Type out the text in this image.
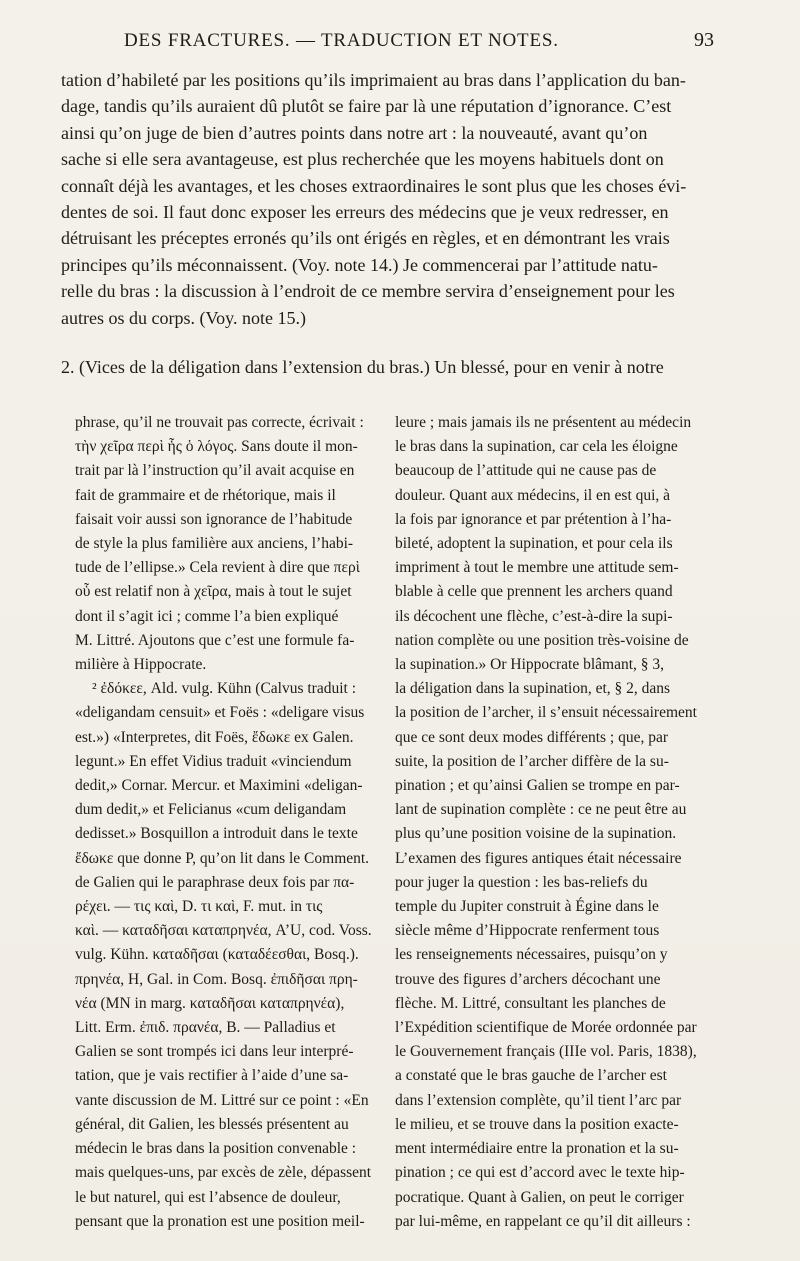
DES FRACTURES. — TRADUCTION ET NOTES.	93
tation d’habileté par les positions qu’ils imprimaient au bras dans l’application du ban-
dage, tandis qu’ils auraient dû plutôt se faire par là une réputation d’ignorance. C’est
ainsi qu’on juge de bien d’autres points dans notre art : la nouveauté, avant qu’on
sache si elle sera avantageuse, est plus recherchée que les moyens habituels dont on
connaît déjà les avantages, et les choses extraordinaires le sont plus que les choses évi-
dentes de soi. Il faut donc exposer les erreurs des médecins que je veux redresser, en
détruisant les préceptes erronés qu’ils ont érigés en règles, et en démontrant les vrais
principes qu’ils méconnaissent. (Voy. note 14.) Je commencerai par l’attitude natu-
relle du bras : la discussion à l’endroit de ce membre servira d’enseignement pour les
autres os du corps. (Voy. note 15.)
2. (Vices de la déligation dans l’extension du bras.) Un blessé, pour en venir à notre
phrase, qu’il ne trouvait pas correcte, écrivait :
τὴν χεῖρα περὶ ἧς ὁ λόγος. Sans doute il mon-
trait par là l’instruction qu’il avait acquise en
fait de grammaire et de rhétorique, mais il
faisait voir aussi son ignorance de l’habitude
de style la plus familière aux anciens, l’habi-
tude de l’ellipse.» Cela revient à dire que περὶ
οὗ est relatif non à χεῖρα, mais à tout le sujet
dont il s’agit ici ; comme l’a bien expliqué
M. Littré. Ajoutons que c’est une formule fa-
milière à Hippocrate.
² ἐδόκεε, Ald. vulg. Kühn (Calvus traduit :
«deligandam censuit» et Foës : «deligare visus
est.») «Interpretes, dit Foës, ἔδωκε ex Galen.
legunt.» En effet Vidius traduit «vinciendum
dedit,» Cornar. Mercur. et Maximini «deligan-
dum dedit,» et Felicianus «cum deligandam
dedisset.» Bosquillon a introduit dans le texte
ἔδωκε que donne P, qu’on lit dans le Comment.
de Galien qui le paraphrase deux fois par πα-
ρέχει. — τις καὶ, D. τι καὶ, F. mut. in τις
καὶ. — καταδῆσαι καταπρηνέα, A’U, cod. Voss.
vulg. Kühn. καταδῆσαι (καταδέεσθαι, Bosq.).
πρηνέα, H, Gal. in Com. Bosq. ἐπιδῆσαι πρη-
νέα (MN in marg. καταδῆσαι καταπρηνέα),
Litt. Erm. ἐπιδ. πρανέα, B. — Palladius et
Galien se sont trompés ici dans leur interpré-
tation, que je vais rectifier à l’aide d’une sa-
vante discussion de M. Littré sur ce point : «En
général, dit Galien, les blessés présentent au
médecin le bras dans la position convenable :
mais quelques-uns, par excès de zèle, dépassent
le but naturel, qui est l’absence de douleur,
pensant que la pronation est une position meil-
leure ; mais jamais ils ne présentent au médecin
le bras dans la supination, car cela les éloigne
beaucoup de l’attitude qui ne cause pas de
douleur. Quant aux médecins, il en est qui, à
la fois par ignorance et par prétention à l’ha-
bileté, adoptent la supination, et pour cela ils
impriment à tout le membre une attitude sem-
blable à celle que prennent les archers quand
ils décochent une flèche, c’est-à-dire la supi-
nation complète ou une position très-voisine de
la supination.» Or Hippocrate blâmant, § 3,
la déligation dans la supination, et, § 2, dans
la position de l’archer, il s’ensuit nécessairement
que ce sont deux modes différents ; que, par
suite, la position de l’archer diffère de la su-
pination ; et qu’ainsi Galien se trompe en par-
lant de supination complète : ce ne peut être au
plus qu’une position voisine de la supination.
L’examen des figures antiques était nécessaire
pour juger la question : les bas-reliefs du
temple du Jupiter construit à Égine dans le
siècle même d’Hippocrate renferment tous
les renseignements nécessaires, puisqu’on y
trouve des figures d’archers décochant une
flèche. M. Littré, consultant les planches de
l’Expédition scientifique de Morée ordonnée par
le Gouvernement français (IIIe vol. Paris, 1838),
a constaté que le bras gauche de l’archer est
dans l’extension complète, qu’il tient l’arc par
le milieu, et se trouve dans la position exacte-
ment intermédiaire entre la pronation et la su-
pination ; ce qui est d’accord avec le texte hip-
pocratique. Quant à Galien, on peut le corriger
par lui-même, en rappelant ce qu’il dit ailleurs :
